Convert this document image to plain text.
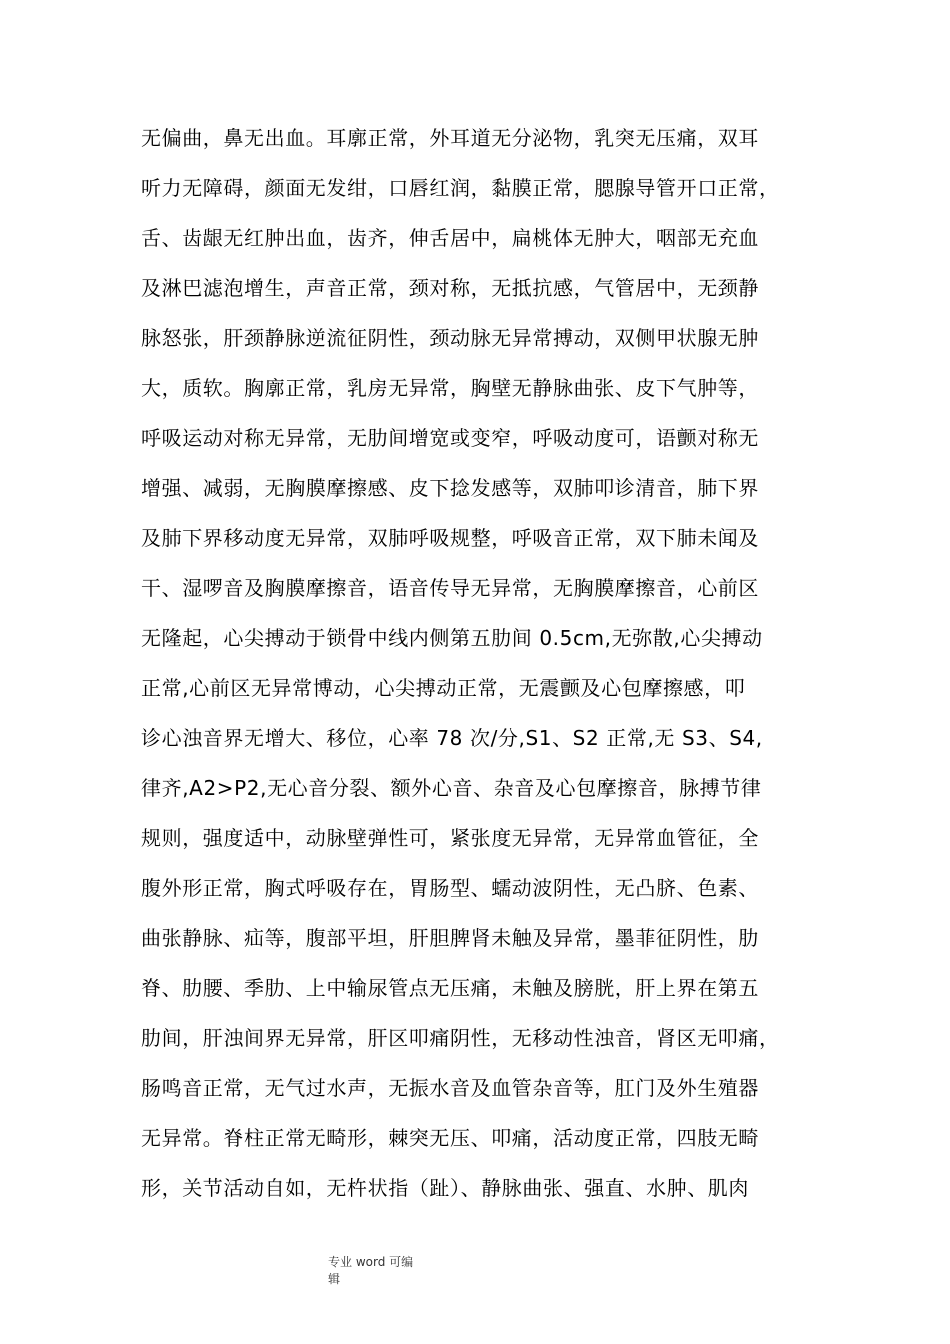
无偏曲，鼻无出血。耳廓正常，外耳道无分泌物，乳突无压痛，双耳
听力无障碍，颜面无发绀，口唇红润，黏膜正常，腮腺导管开口正常，
舌、齿龈无红肿出血，齿齐，伸舌居中，扁桃体无肿大，咽部无充血
及淋巴滤泡增生，声音正常，颈对称，无抵抗感，气管居中，无颈静
脉怒张，肝颈静脉逆流征阴性，颈动脉无异常搏动，双侧甲状腺无肿
大，质软。胸廓正常，乳房无异常，胸壁无静脉曲张、皮下气肿等，
呼吸运动对称无异常，无肋间增宽或变窄，呼吸动度可，语颤对称无
增强、减弱，无胸膜摩擦感、皮下捻发感等，双肺叩诊清音，肺下界
及肺下界移动度无异常，双肺呼吸规整，呼吸音正常，双下肺未闻及
干、湿啰音及胸膜摩擦音，语音传导无异常，无胸膜摩擦音，心前区
无隆起，心尖搏动于锁骨中线内侧第五肋间 0.5cm,无弥散,心尖搏动
正常,心前区无异常博动，心尖搏动正常，无震颤及心包摩擦感，叩
诊心浊音界无增大、移位，心率 78 次/分,S1、S2 正常,无 S3、S4,
律齐,A2>P2,无心音分裂、额外心音、杂音及心包摩擦音，脉搏节律
规则，强度适中，动脉壁弹性可，紧张度无异常，无异常血管征，全
腹外形正常，胸式呼吸存在，胃肠型、蠕动波阴性，无凸脐、色素、
曲张静脉、疝等，腹部平坦，肝胆脾肾未触及异常，墨菲征阴性，肋
脊、肋腰、季肋、上中输尿管点无压痛，未触及膀胱，肝上界在第五
肋间，肝浊间界无异常，肝区叩痛阴性，无移动性浊音，肾区无叩痛，
肠鸣音正常，无气过水声，无振水音及血管杂音等，肛门及外生殖器
无异常。脊柱正常无畸形，棘突无压、叩痛，活动度正常，四肢无畸
形，关节活动自如，无杵状指（趾）、静脉曲张、强直、水肿、肌肉
专业 word 可编
辑
